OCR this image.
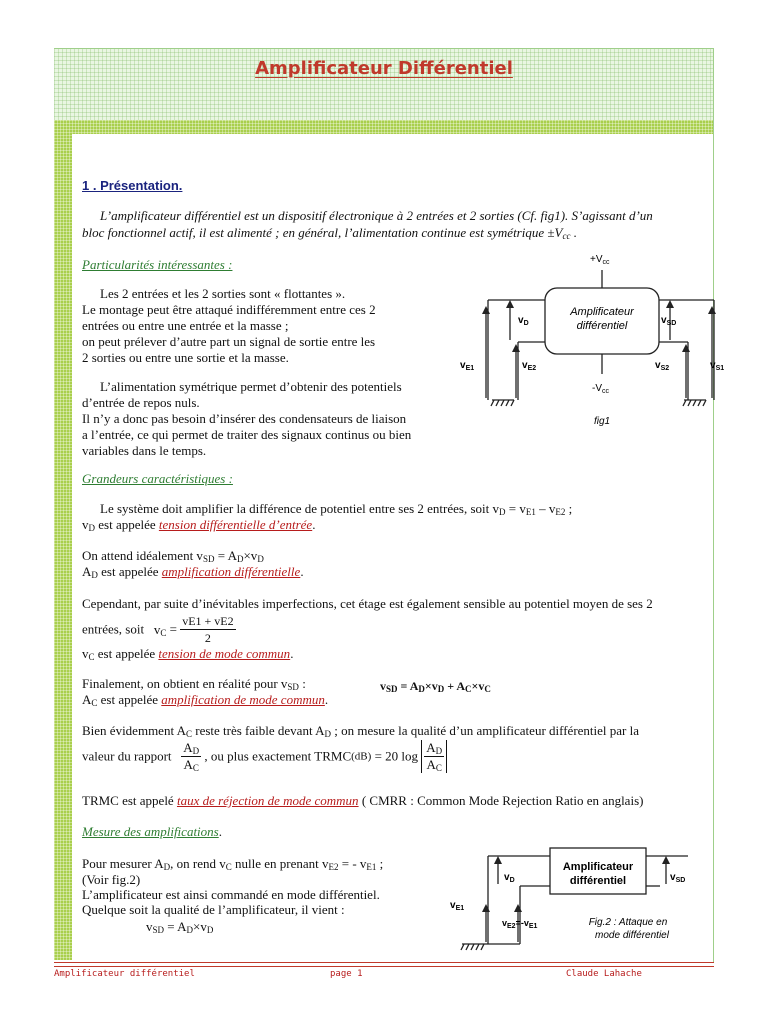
Amplificateur Différentiel
1 . Présentation.
L’amplificateur différentiel est un dispositif électronique à 2 entrées et 2 sorties (Cf. fig1). S’agissant d’un
bloc fonctionnel actif, il est alimenté ; en général, l’alimentation continue est symétrique $\pm V_{cc}$ .
Particularités intéressantes :
Les 2 entrées et les 2 sorties sont « flottantes ».
Le montage peut être attaqué indifféremment entre ces 2
entrées ou entre une entrée et la masse ;
on peut prélever d’autre part un signal de sortie entre les
2 sorties ou entre une sortie et la masse.
L’alimentation symétrique permet d’obtenir des potentiels
d’entrée de repos nuls.
Il n’y a donc pas besoin d’insérer des condensateurs de liaison
a l’entrée, ce qui permet de traiter des signaux continus ou bien
variables dans le temps.
$+V_{cc}$
$-V_{cc}$
Amplificateur
différentiel
$v_D$	$v_{SD}$
$v_{E1}$	$v_{E2}$	$v_{S2}$	$v_{S1}$
fig1
Grandeurs caractéristiques :
Le système doit amplifier la différence de potentiel entre ses 2 entrées, soit $v_D = v_{E1} - v_{E2}$ ;
$v_D$ est appelée tension différentielle d’entrée.
On attend idéalement $v_{SD} = A_D\times v_D$
$A_D$ est appelée amplification différentielle.
Cependant, par suite d’inévitables imperfections, cet étage est également sensible au potentiel moyen de ses 2
entrées, soit $v_C = \frac{vE1 + vE2}{2}$
$v_C$ est appelée tension de mode commun.
Finalement, on obtient en réalité pour $v_{SD}$ :	$v_{SD} = A_D\times v_D + A_C\times v_C$
$A_C$ est appelée amplification de mode commun.
Bien évidemment $A_C$ reste très faible devant $A_D$ ; on mesure la qualité d’un amplificateur différentiel par la
valeur du rapport $\frac{A_D}{A_C}$ , ou plus exactement TRMC(dB) = 20 $\log \frac{A_D}{A_C}$
TRMC est appelé taux de réjection de mode commun ( CMRR : Common Mode Rejection Ratio en anglais)
Mesure des amplifications.
Pour mesurer $A_D$, on rend $v_C$ nulle en prenant $v_{E2}$ = - $v_{E1}$ ;
(Voir fig.2)
L’amplificateur est ainsi commandé en mode différentiel.
Quelque soit la qualité de l’amplificateur, il vient :
$v_{SD} = A_D\times v_D$
Amplificateur
différentiel
$v_D$	$v_{SD}$
$v_{E1}$
$v_{E2}=-v_{E1}$	Fig.2 : Attaque en
mode différentiel
Amplificateur différentiel	page 1	Claude Lahache
